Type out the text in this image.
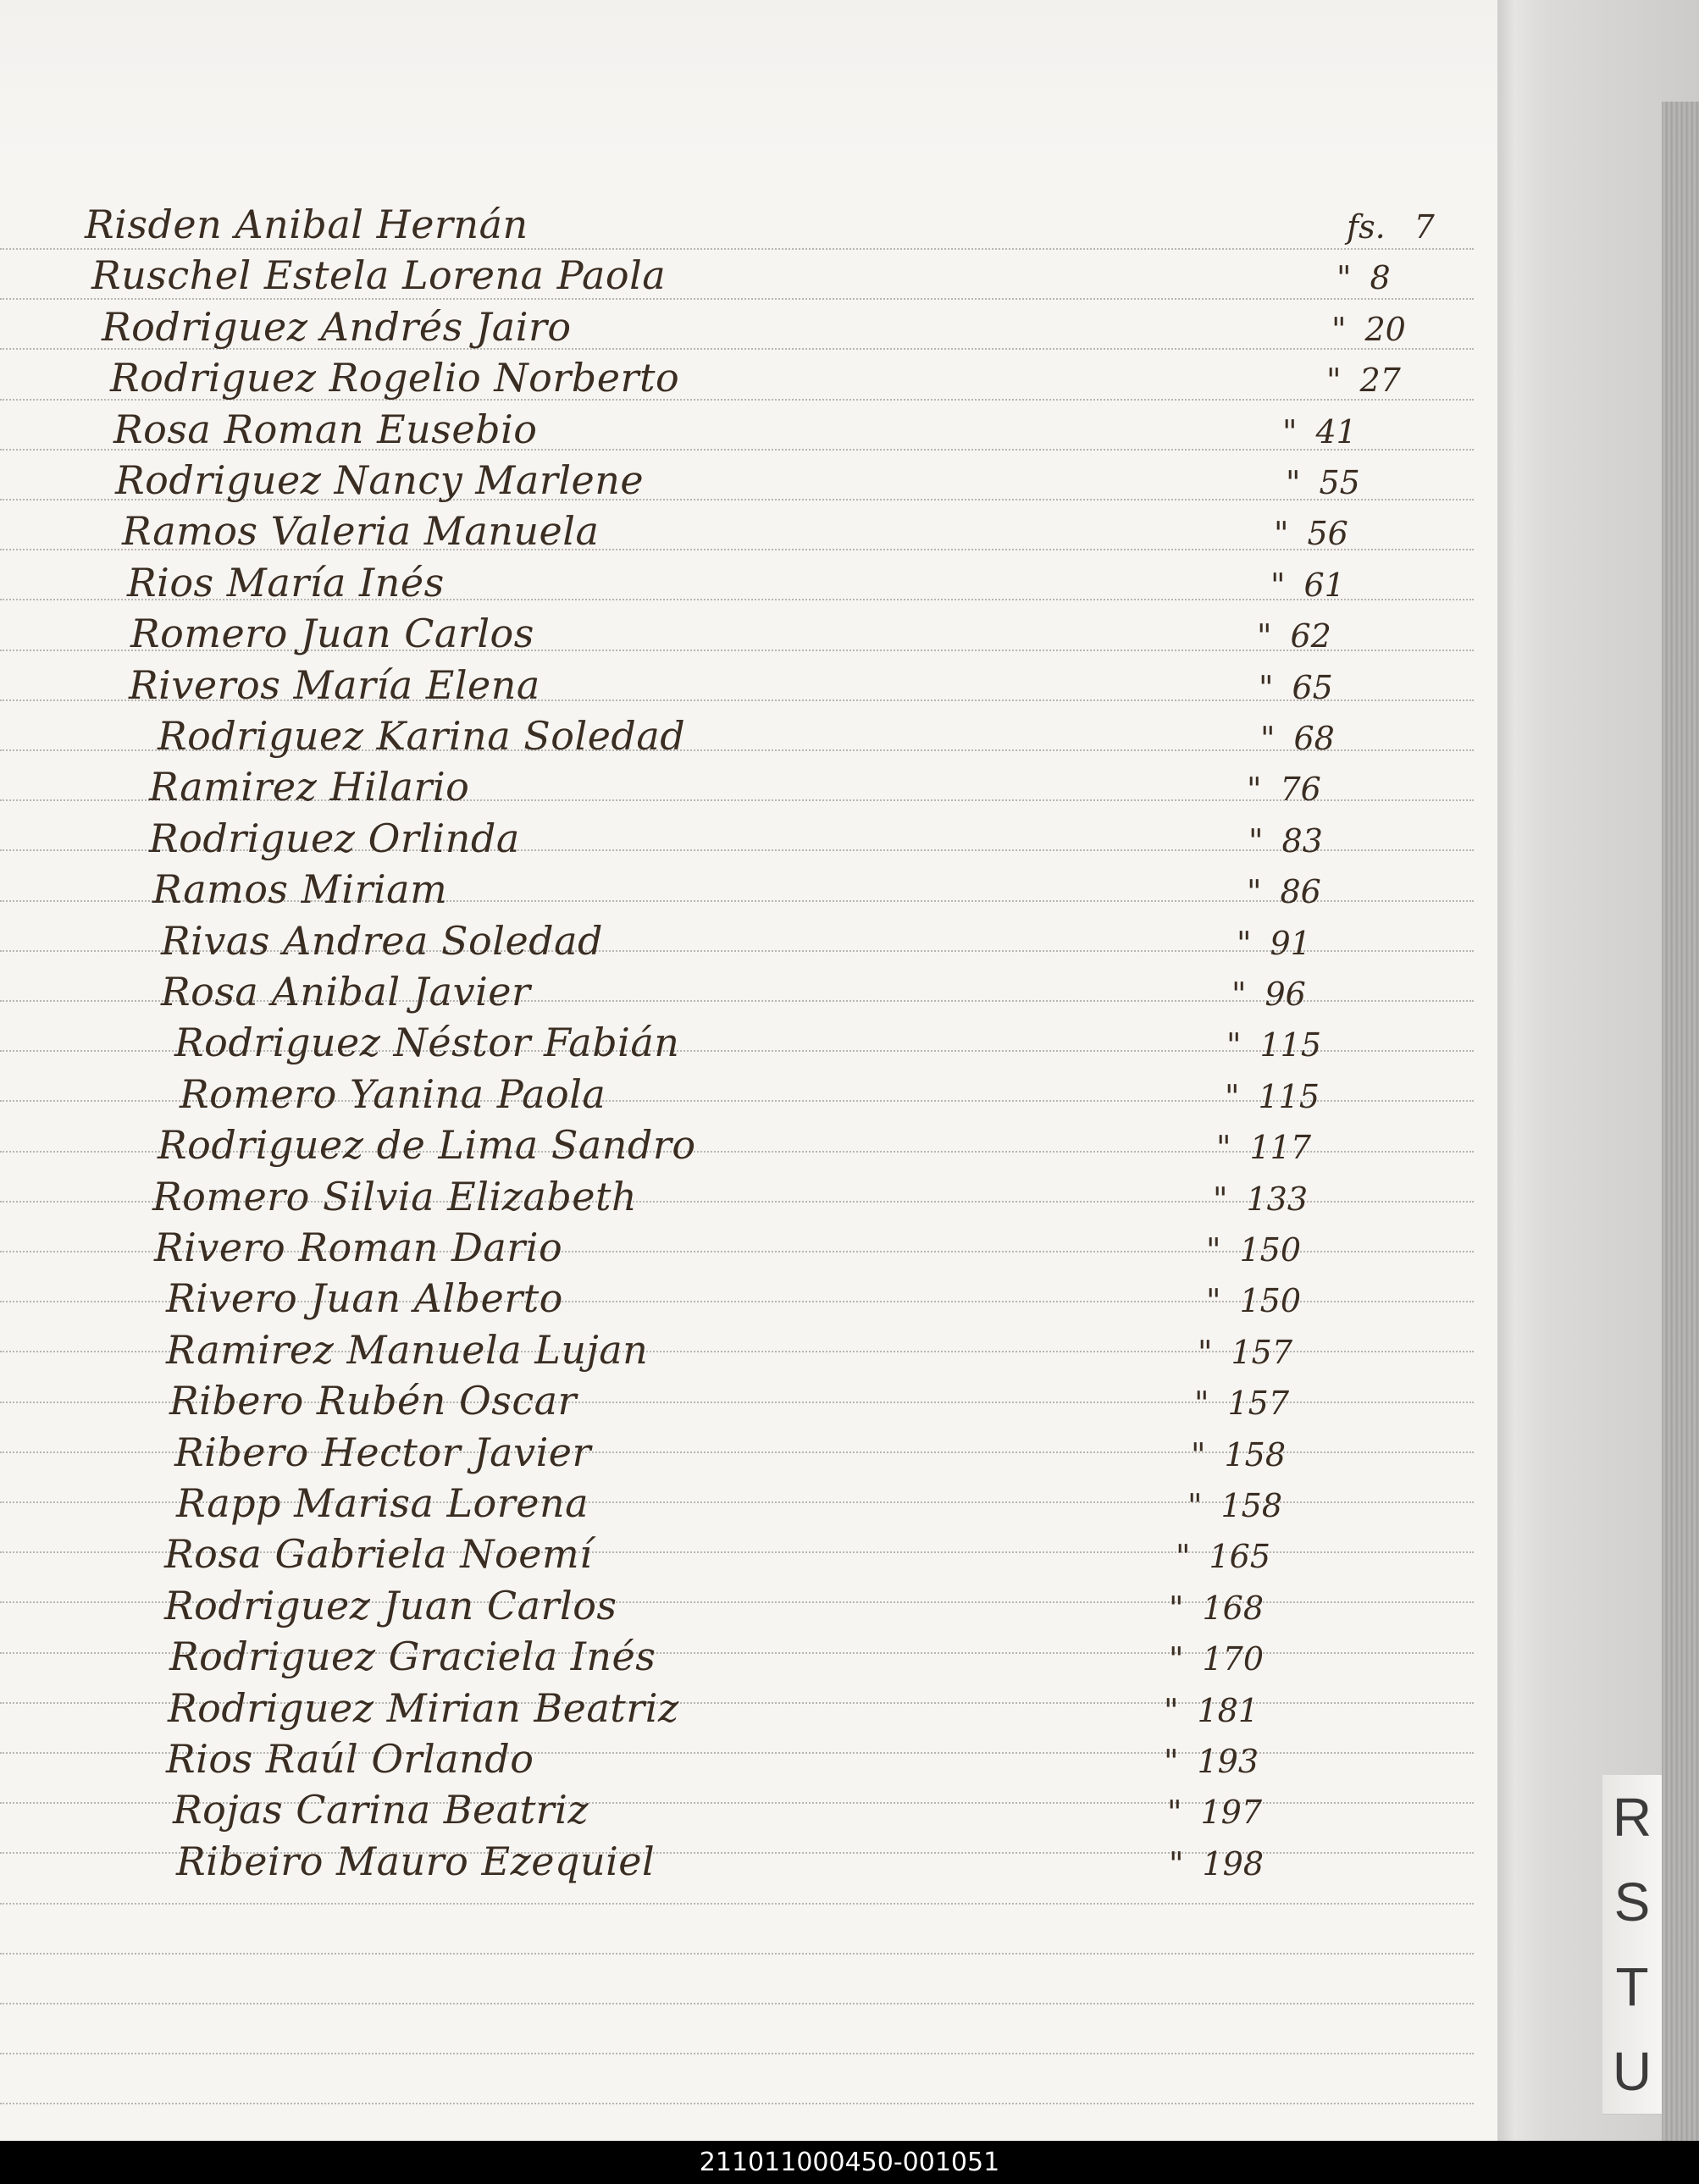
Risden Anibal Hernán	fs. 7
Ruschel Estela Lorena Paola	" 8
Rodriguez Andrés Jairo	" 20
Rodriguez Rogelio Norberto	" 27
Rosa Roman Eusebio	" 41
Rodriguez Nancy Marlene	" 55
Ramos Valeria Manuela	" 56
Rios María Inés	" 61
Romero Juan Carlos	" 62
Riveros María Elena	" 65
Rodriguez Karina Soledad	" 68
Ramirez Hilario	" 76
Rodriguez Orlinda	" 83
Ramos Miriam	" 86
Rivas Andrea Soledad	" 91
Rosa Anibal Javier	" 96
Rodriguez Néstor Fabián	" 115
Romero Yanina Paola	" 115
Rodriguez de Lima Sandro	" 117
Romero Silvia Elizabeth	" 133
Rivero Roman Dario	" 150
Rivero Juan Alberto	" 150
Ramirez Manuela Lujan	" 157
Ribero Rubén Oscar	" 157
Ribero Hector Javier	" 158
Rapp Marisa Lorena	" 158
Rosa Gabriela Noemí	" 165
Rodriguez Juan Carlos	" 168
Rodriguez Graciela Inés	" 170
Rodriguez Mirian Beatriz	" 181
Rios Raúl Orlando	" 193
Rojas Carina Beatriz	" 197
Ribeiro Mauro Ezequiel	" 198
R
S
T
U
211011000450-001051
